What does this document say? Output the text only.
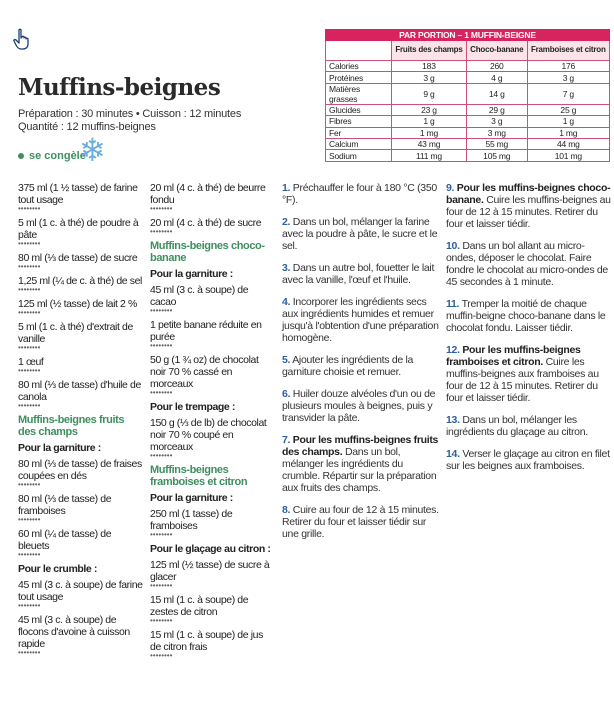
Muffins-beignes
Préparation : 30 minutes • Cuisson : 12 minutes
Quantité : 12 muffins-beignes
se congèle
❄
PAR PORTION – 1 MUFFIN-BEIGNE			
	Fruits des champs	Choco-banane	Framboises et citron
Calories	183	260	176
Protéines	3 g	4 g	3 g
Matières grasses	9 g	14 g	7 g
Glucides	23 g	29 g	25 g
Fibres	1 g	3 g	1 g
Fer	1 mg	3 mg	1 mg
Calcium	43 mg	55 mg	44 mg
Sodium	111 mg	105 mg	101 mg
375 ml (1 ½ tasse) de farine tout usage
••••••••
5 ml (1 c. à thé) de poudre à pâte
••••••••
80 ml (⅓ de tasse) de sucre
••••••••
1,25 ml (¼ de c. à thé) de sel
••••••••
125 ml (½ tasse) de lait 2 %
••••••••
5 ml (1 c. à thé) d'extrait de vanille
••••••••
1 œuf
••••••••
80 ml (⅓ de tasse) d'huile de canola
••••••••
Muffins-beignes fruits des champs
Pour la garniture :
80 ml (⅓ de tasse) de fraises coupées en dés
••••••••
80 ml (⅓ de tasse) de framboises
••••••••
60 ml (¼ de tasse) de bleuets
••••••••
Pour le crumble :
45 ml (3 c. à soupe) de farine tout usage
••••••••
45 ml (3 c. à soupe) de flocons d'avoine à cuisson rapide
••••••••
20 ml (4 c. à thé) de beurre fondu
••••••••
20 ml (4 c. à thé) de sucre
••••••••
Muffins-beignes choco-banane
Pour la garniture :
45 ml (3 c. à soupe) de cacao
••••••••
1 petite banane réduite en purée
••••••••
50 g (1 ¾ oz) de chocolat noir 70 % cassé en morceaux
••••••••
Pour le trempage :
150 g (⅓ de lb) de chocolat noir 70 % coupé en morceaux
••••••••
Muffins-beignes framboises et citron
Pour la garniture :
250 ml (1 tasse) de framboises
••••••••
Pour le glaçage au citron :
125 ml (½ tasse) de sucre à glacer
••••••••
15 ml (1 c. à soupe) de zestes de citron
••••••••
15 ml (1 c. à soupe) de jus de citron frais
••••••••
1. Préchauffer le four à 180 °C (350 °F).
2. Dans un bol, mélanger la farine avec la poudre à pâte, le sucre et le sel.
3. Dans un autre bol, fouetter le lait avec la vanille, l'œuf et l'huile.
4. Incorporer les ingrédients secs aux ingrédients humides et remuer jusqu'à l'obtention d'une préparation homogène.
5. Ajouter les ingrédients de la garniture choisie et remuer.
6. Huiler douze alvéoles d'un ou de plusieurs moules à beignes, puis y transvider la pâte.
7. Pour les muffins-beignes fruits des champs. Dans un bol, mélanger les ingrédients du crumble. Répartir sur la préparation aux fruits des champs.
8. Cuire au four de 12 à 15 minutes. Retirer du four et laisser tiédir sur une grille.
9. Pour les muffins-beignes choco-banane. Cuire les muffins-beignes au four de 12 à 15 minutes. Retirer du four et laisser tiédir.
10. Dans un bol allant au micro-ondes, déposer le chocolat. Faire fondre le chocolat au micro-ondes de 45 secondes à 1 minute.
11. Tremper la moitié de chaque muffin-beigne choco-banane dans le chocolat fondu. Laisser tiédir.
12. Pour les muffins-beignes framboises et citron. Cuire les muffins-beignes aux framboises au four de 12 à 15 minutes. Retirer du four et laisser tiédir.
13. Dans un bol, mélanger les ingrédients du glaçage au citron.
14. Verser le glaçage au citron en filet sur les beignes aux framboises.
